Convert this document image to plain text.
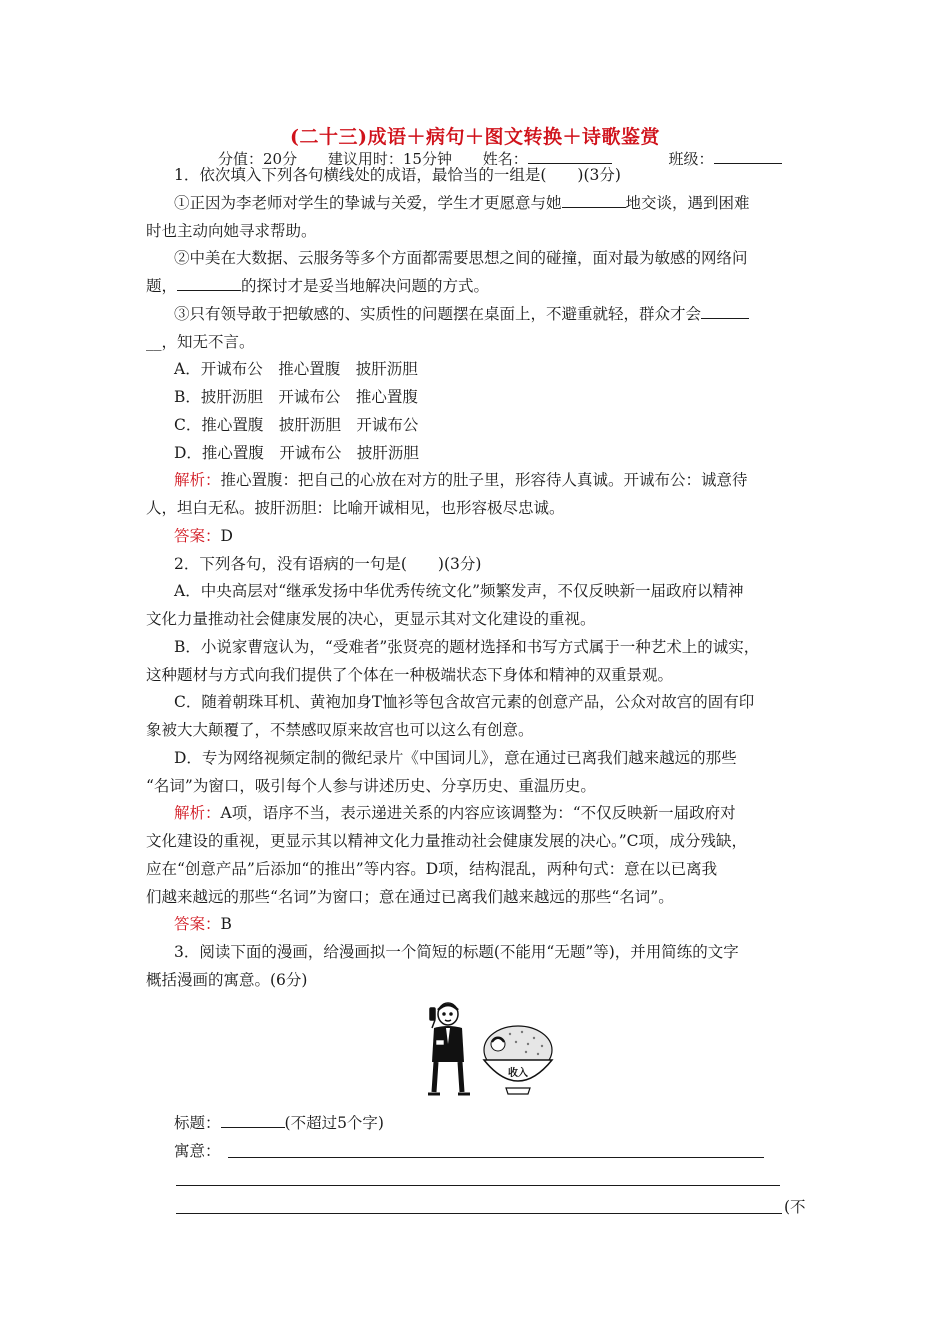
(二十三)成语＋病句＋图文转换＋诗歌鉴赏
分值：20分 建议用时：15分钟 姓名：	班级：
1．依次填入下列各句横线处的成语，最恰当的一组是(　　)(3分)
①正因为李老师对学生的挚诚与关爱，学生才更愿意与她	地交谈，遇到困难
时也主动向她寻求帮助。
②中美在大数据、云服务等多个方面都需要思想之间的碰撞，面对最为敏感的网络问
题，	的探讨才是妥当地解决问题的方式。
③只有领导敢于把敏感的、实质性的问题摆在桌面上，不避重就轻，群众才会
__，知无不言。
A．开诚布公　推心置腹　披肝沥胆
B．披肝沥胆　开诚布公　推心置腹
C．推心置腹　披肝沥胆　开诚布公
D．推心置腹　开诚布公　披肝沥胆
解析：推心置腹：把自己的心放在对方的肚子里，形容待人真诚。开诚布公：诚意待
人，坦白无私。披肝沥胆：比喻开诚相见，也形容极尽忠诚。
答案：D
2．下列各句，没有语病的一句是(　　)(3分)
A．中央高层对“继承发扬中华优秀传统文化”频繁发声，不仅反映新一届政府以精神
文化力量推动社会健康发展的决心，更显示其对文化建设的重视。
B．小说家曹寇认为，“受难者”张贤亮的题材选择和书写方式属于一种艺术上的诚实，
这种题材与方式向我们提供了个体在一种极端状态下身体和精神的双重景观。
C．随着朝珠耳机、黄袍加身T恤衫等包含故宫元素的创意产品，公众对故宫的固有印
象被大大颠覆了，不禁感叹原来故宫也可以这么有创意。
D．专为网络视频定制的微纪录片《中国词儿》，意在通过已离我们越来越远的那些
“名词”为窗口，吸引每个人参与讲述历史、分享历史、重温历史。
解析：A项，语序不当，表示递进关系的内容应该调整为：“不仅反映新一届政府对
文化建设的重视，更显示其以精神文化力量推动社会健康发展的决心。”C项，成分残缺，
应在“创意产品”后添加“的推出”等内容。D项，结构混乱，两种句式：意在以已离我
们越来越远的那些“名词”为窗口；意在通过已离我们越来越远的那些“名词”。
答案：B
3．阅读下面的漫画，给漫画拟一个简短的标题(不能用“无题”等)，并用简练的文字
概括漫画的寓意。(6分)
收入
标题：	(不超过5个字)
寓意：
(不
